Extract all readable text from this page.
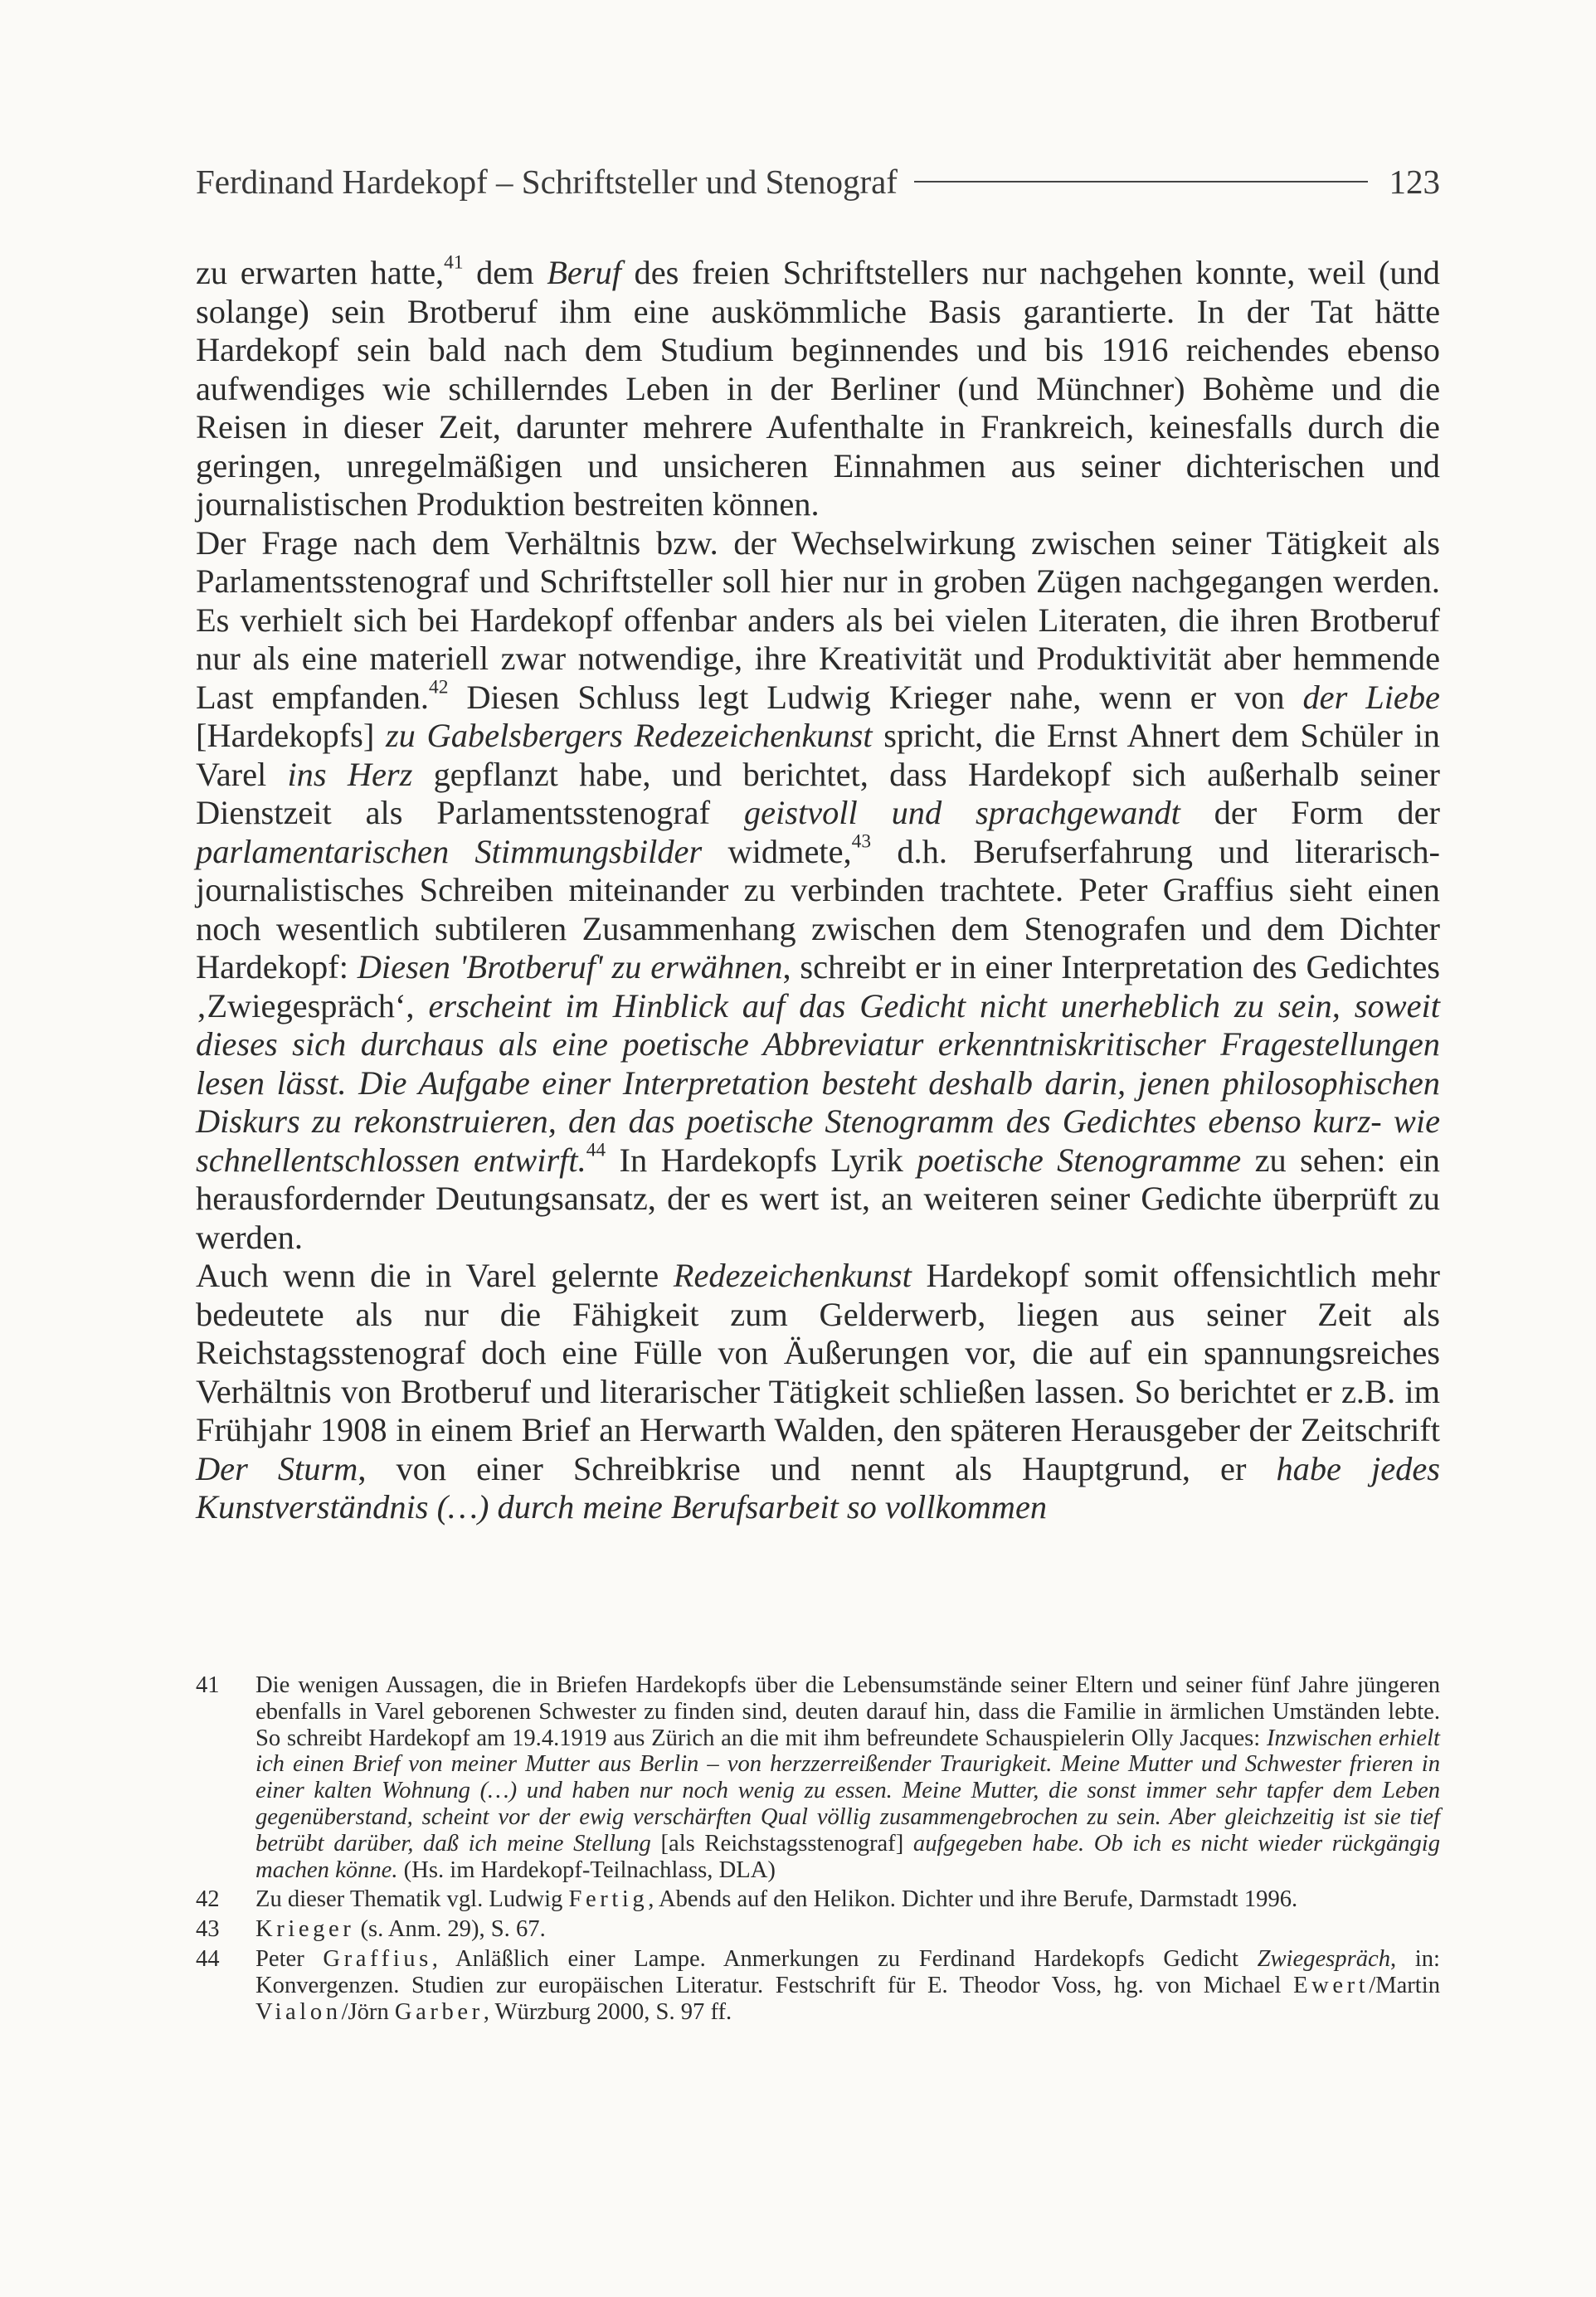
Ferdinand Hardekopf – Schriftsteller und Stenograf	123

zu erwarten hatte,$^{41}$ dem Beruf des freien Schriftstellers nur nachgehen konnte, weil (und solange) sein Brotberuf ihm eine auskömmliche Basis garantierte. In der Tat hätte Hardekopf sein bald nach dem Studium beginnendes und bis 1916 reichendes ebenso aufwendiges wie schillerndes Leben in der Berliner (und Münchner) Bohème und die Reisen in dieser Zeit, darunter mehrere Aufenthalte in Frankreich, keinesfalls durch die geringen, unregelmäßigen und unsicheren Einnahmen aus seiner dichterischen und journalistischen Produktion bestreiten können.

Der Frage nach dem Verhältnis bzw. der Wechselwirkung zwischen seiner Tätigkeit als Parlamentsstenograf und Schriftsteller soll hier nur in groben Zügen nachgegangen werden. Es verhielt sich bei Hardekopf offenbar anders als bei vielen Literaten, die ihren Brotberuf nur als eine materiell zwar notwendige, ihre Kreativität und Produktivität aber hemmende Last empfanden.$^{42}$ Diesen Schluss legt Ludwig Krieger nahe, wenn er von der Liebe [Hardekopfs] zu Gabelsbergers Redezeichenkunst spricht, die Ernst Ahnert dem Schüler in Varel ins Herz gepflanzt habe, und berichtet, dass Hardekopf sich außerhalb seiner Dienstzeit als Parlamentsstenograf geistvoll und sprachgewandt der Form der parlamentarischen Stimmungsbilder widmete,$^{43}$ d.h. Berufserfahrung und literarisch-journalistisches Schreiben miteinander zu verbinden trachtete. Peter Graffius sieht einen noch wesentlich subtileren Zusammenhang zwischen dem Stenografen und dem Dichter Hardekopf: Diesen 'Brotberuf' zu erwähnen, schreibt er in einer Interpretation des Gedichtes ‚Zwiegespräch‘, erscheint im Hinblick auf das Gedicht nicht unerheblich zu sein, soweit dieses sich durchaus als eine poetische Abbreviatur erkenntniskritischer Fragestellungen lesen lässt. Die Aufgabe einer Interpretation besteht deshalb darin, jenen philosophischen Diskurs zu rekonstruieren, den das poetische Stenogramm des Gedichtes ebenso kurz- wie schnellentschlossen entwirft.$^{44}$ In Hardekopfs Lyrik poetische Stenogramme zu sehen: ein herausfordernder Deutungsansatz, der es wert ist, an weiteren seiner Gedichte überprüft zu werden.

Auch wenn die in Varel gelernte Redezeichenkunst Hardekopf somit offensichtlich mehr bedeutete als nur die Fähigkeit zum Gelderwerb, liegen aus seiner Zeit als Reichstagsstenograf doch eine Fülle von Äußerungen vor, die auf ein spannungsreiches Verhältnis von Brotberuf und literarischer Tätigkeit schließen lassen. So berichtet er z.B. im Frühjahr 1908 in einem Brief an Herwarth Walden, den späteren Herausgeber der Zeitschrift Der Sturm, von einer Schreibkrise und nennt als Hauptgrund, er habe jedes Kunstverständnis (…) durch meine Berufsarbeit so vollkommen

41	Die wenigen Aussagen, die in Briefen Hardekopfs über die Lebensumstände seiner Eltern und seiner fünf Jahre jüngeren ebenfalls in Varel geborenen Schwester zu finden sind, deuten darauf hin, dass die Familie in ärmlichen Umständen lebte. So schreibt Hardekopf am 19.4.1919 aus Zürich an die mit ihm befreundete Schauspielerin Olly Jacques: Inzwischen erhielt ich einen Brief von meiner Mutter aus Berlin – von herzzerreißender Traurigkeit. Meine Mutter und Schwester frieren in einer kalten Wohnung (…) und haben nur noch wenig zu essen. Meine Mutter, die sonst immer sehr tapfer dem Leben gegenüberstand, scheint vor der ewig verschärften Qual völlig zusammengebrochen zu sein. Aber gleichzeitig ist sie tief betrübt darüber, daß ich meine Stellung [als Reichstagsstenograf] aufgegeben habe. Ob ich es nicht wieder rückgängig machen könne. (Hs. im Hardekopf-Teilnachlass, DLA)
42	Zu dieser Thematik vgl. Ludwig Fertig, Abends auf den Helikon. Dichter und ihre Berufe, Darmstadt 1996.
43	Krieger (s. Anm. 29), S. 67.
44	Peter Graffius, Anläßlich einer Lampe. Anmerkungen zu Ferdinand Hardekopfs Gedicht Zwiegespräch, in: Konvergenzen. Studien zur europäischen Literatur. Festschrift für E. Theodor Voss, hg. von Michael Ewert/Martin Vialon/Jörn Garber, Würzburg 2000, S. 97 ff.
